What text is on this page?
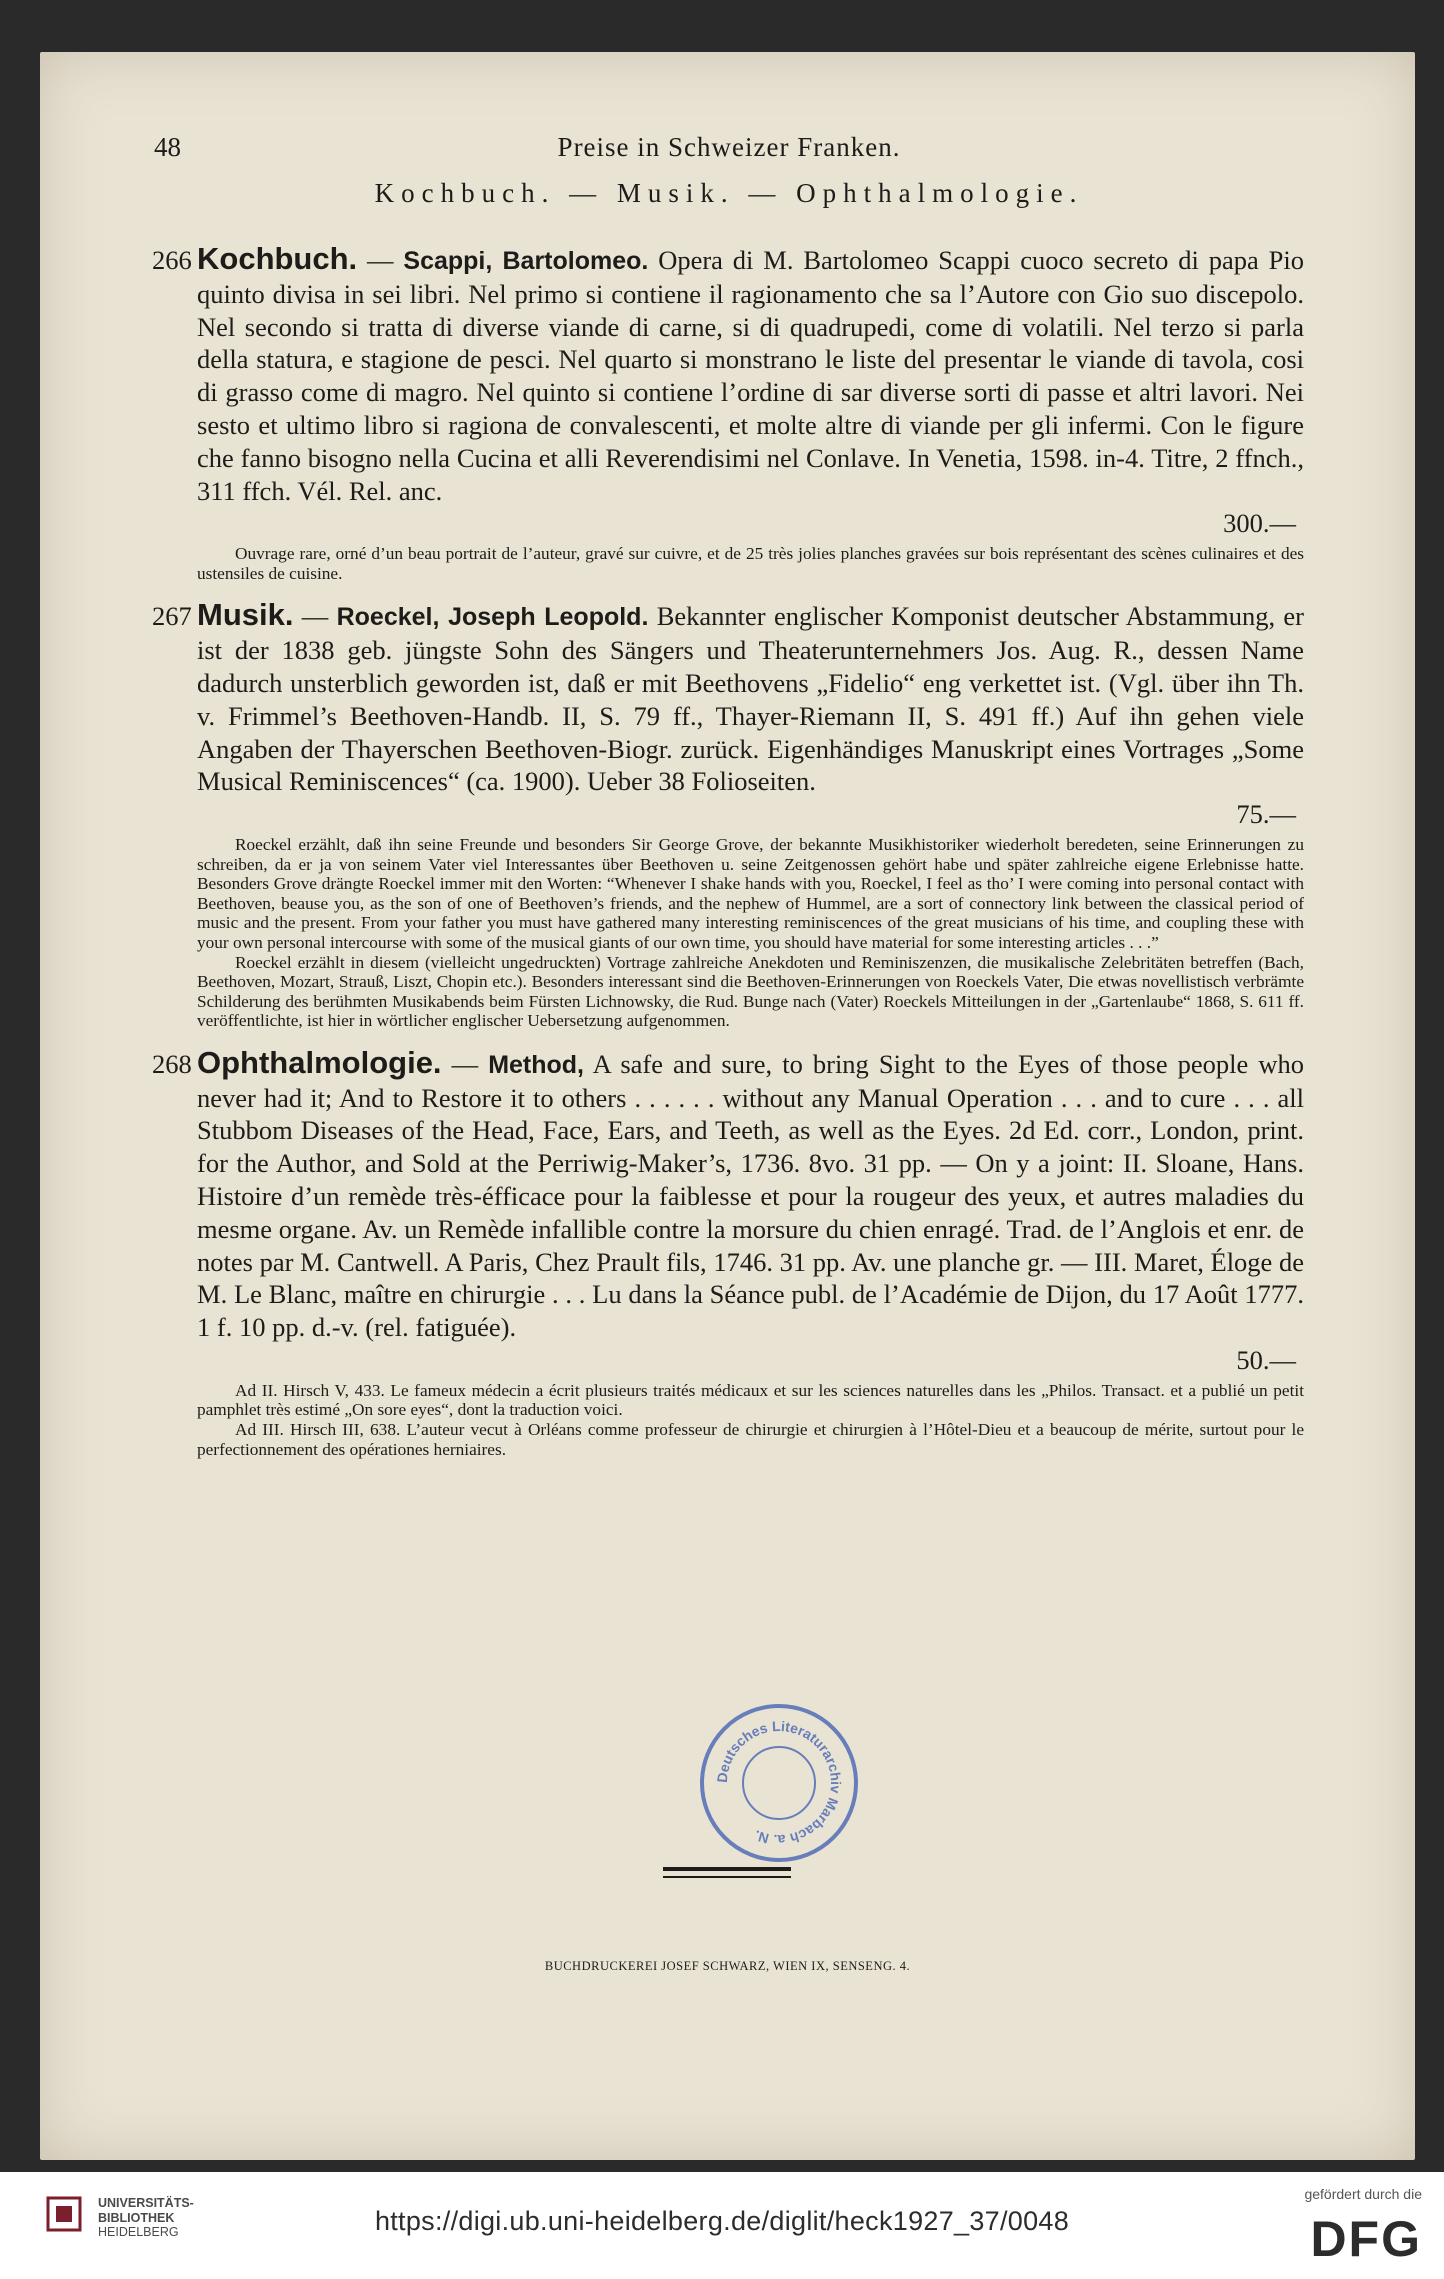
48	Preise in Schweizer Franken.
Kochbuch. — Musik. — Ophthalmologie.
266 Kochbuch. — Scappi, Bartolomeo. Opera di M. Bartolomeo Scappi cuoco secreto di papa Pio quinto divisa in sei libri. Nel primo si contiene il ragionamento che sa l’Autore con Gio suo discepolo. Nel secondo si tratta di diverse viande di carne, si di quadrupedi, come di volatili. Nel terzo si parla della statura, e stagione de pesci. Nel quarto si monstrano le liste del presentar le viande di tavola, cosi di grasso come di magro. Nel quinto si contiene l’ordine di sar diverse sorti di passe et altri lavori. Nei sesto et ultimo libro si ragiona de convalescenti, et molte altre di viande per gli infermi. Con le figure che fanno bisogno nella Cucina et alli Reverendisimi nel Conlave. In Venetia, 1598. in-4. Titre, 2 ffnch., 311 ffch. Vél. Rel. anc.
300.—

Ouvrage rare, orné d’un beau portrait de l’auteur, gravé sur cuivre, et de 25 très jolies planches gravées sur bois représentant des scènes culinaires et des ustensiles de cuisine.

267 Musik. — Roeckel, Joseph Leopold. Bekannter englischer Komponist deutscher Abstammung, er ist der 1838 geb. jüngste Sohn des Sängers und Theaterunternehmers Jos. Aug. R., dessen Name dadurch unsterblich geworden ist, daß er mit Beethovens „Fidelio“ eng verkettet ist. (Vgl. über ihn Th. v. Frimmel’s Beethoven-Handb. II, S. 79 ff., Thayer-Riemann II, S. 491 ff.) Auf ihn gehen viele Angaben der Thayerschen Beethoven-Biogr. zurück. Eigenhändiges Manuskript eines Vortrages „Some Musical Reminiscences“ (ca. 1900). Ueber 38 Folioseiten.
75.—

Roeckel erzählt, daß ihn seine Freunde und besonders Sir George Grove, der bekannte Musikhistoriker wiederholt beredeten, seine Erinnerungen zu schreiben, da er ja von seinem Vater viel Interessantes über Beethoven u. seine Zeitgenossen gehört habe und später zahlreiche eigene Erlebnisse hatte. Besonders Grove drängte Roeckel immer mit den Worten: “Whenever I shake hands with you, Roeckel, I feel as tho’ I were coming into personal contact with Beethoven, beause you, as the son of one of Beethoven’s friends, and the nephew of Hummel, are a sort of connectory link between the classical period of music and the present. From your father you must have gathered many interesting reminiscences of the great musicians of his time, and coupling these with your own personal intercourse with some of the musical giants of our own time, you should have material for some interesting articles . . .”

Roeckel erzählt in diesem (vielleicht ungedruckten) Vortrage zahlreiche Anekdoten und Reminiszenzen, die musikalische Zelebritäten betreffen (Bach, Beethoven, Mozart, Strauß, Liszt, Chopin etc.). Besonders interessant sind die Beethoven-Erinnerungen von Roeckels Vater, Die etwas novellistisch verbrämte Schilderung des berühmten Musikabends beim Fürsten Lichnowsky, die Rud. Bunge nach (Vater) Roeckels Mitteilungen in der „Gartenlaube“ 1868, S. 611 ff. veröffentlichte, ist hier in wörtlicher englischer Uebersetzung aufgenommen.

268 Ophthalmologie. — Method, A safe and sure, to bring Sight to the Eyes of those people who never had it; And to Restore it to others . . . . . . without any Manual Operation . . . and to cure . . . all Stubbom Diseases of the Head, Face, Ears, and Teeth, as well as the Eyes. 2d Ed. corr., London, print. for the Author, and Sold at the Perriwig-Maker’s, 1736. 8vo. 31 pp. — On y a joint: II. Sloane, Hans. Histoire d’un remède très-éfficace pour la faiblesse et pour la rougeur des yeux, et autres maladies du mesme organe. Av. un Remède infallible contre la morsure du chien enragé. Trad. de l’Anglois et enr. de notes par M. Cantwell. A Paris, Chez Prault fils, 1746. 31 pp. Av. une planche gr. — III. Maret, Éloge de M. Le Blanc, maître en chirurgie . . . Lu dans la Séance publ. de l’Académie de Dijon, du 17 Août 1777. 1 f. 10 pp. d.-v. (rel. fatiguée).
50.—

Ad II. Hirsch V, 433. Le fameux médecin a écrit plusieurs traités médicaux et sur les sciences naturelles dans les „Philos. Transact. et a publié un petit pamphlet très estimé „On sore eyes“, dont la traduction voici.

Ad III. Hirsch III, 638. L’auteur vecut à Orléans comme professeur de chirurgie et chirurgien à l’Hôtel-Dieu et a beaucoup de mérite, surtout pour le perfectionnement des opérationes herniaires.

Deutsches Literaturarchiv Marbach a. N.
BUCHDRUCKEREI JOSEF SCHWARZ, WIEN IX, SENSENG. 4.
UNIVERSITÄTS-
BIBLIOTHEK
HEIDELBERG	https://digi.ub.uni-heidelberg.de/diglit/heck1927_37/0048
gefördert durch die
DFG
